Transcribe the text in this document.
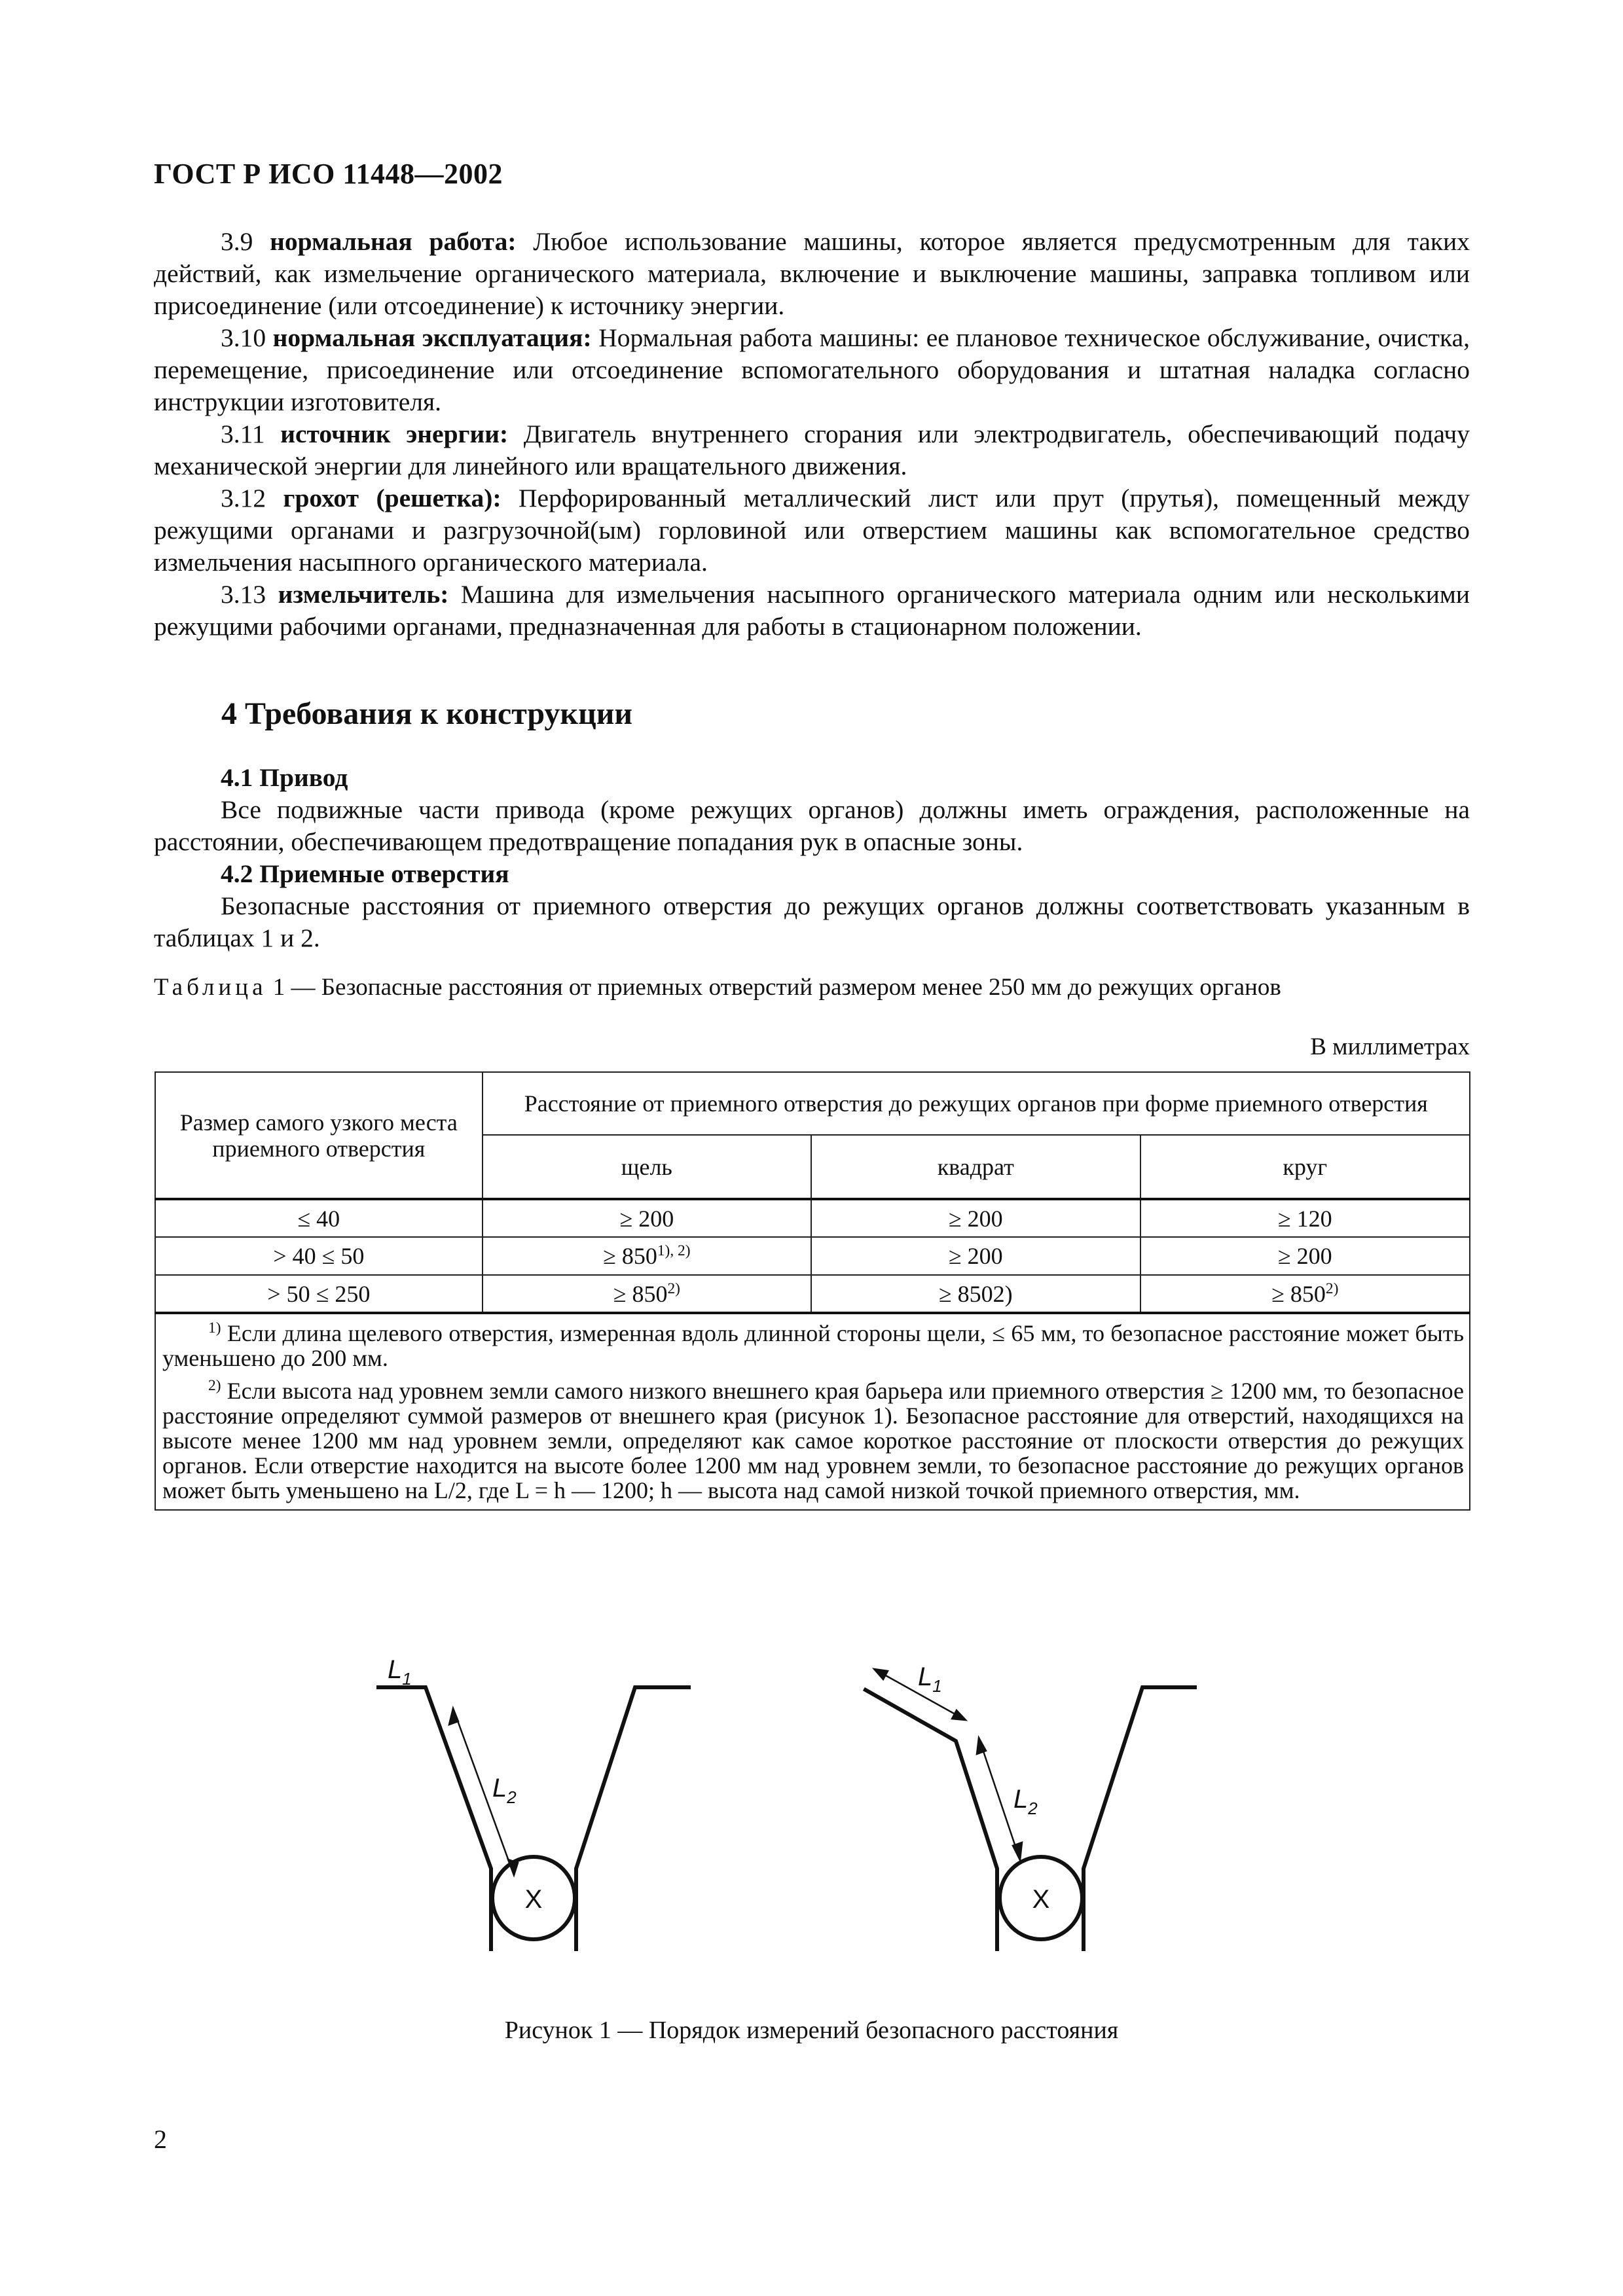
ГОСТ Р ИСО 11448—2002

3.9 нормальная работа: Любое использование машины, которое является предусмотренным для таких действий, как измельчение органического материала, включение и выключение машины, заправка топливом или присоединение (или отсоединение) к источнику энергии.

3.10 нормальная эксплуатация: Нормальная работа машины: ее плановое техническое обслуживание, очистка, перемещение, присоединение или отсоединение вспомогательного оборудования и штатная наладка согласно инструкции изготовителя.

3.11 источник энергии: Двигатель внутреннего сгорания или электродвигатель, обеспечивающий подачу механической энергии для линейного или вращательного движения.

3.12 грохот (решетка): Перфорированный металлический лист или прут (прутья), помещенный между режущими органами и разгрузочной(ым) горловиной или отверстием машины как вспомогательное средство измельчения насыпного органического материала.

3.13 измельчитель: Машина для измельчения насыпного органического материала одним или несколькими режущими рабочими органами, предназначенная для работы в стационарном положении.

4 Требования к конструкции

4.1 Привод

Все подвижные части привода (кроме режущих органов) должны иметь ограждения, расположенные на расстоянии, обеспечивающем предотвращение попадания рук в опасные зоны.

4.2 Приемные отверстия

Безопасные расстояния от приемного отверстия до режущих органов должны соответствовать указанным в таблицах 1 и 2.

Таблица 1 — Безопасные расстояния от приемных отверстий размером менее 250 мм до режущих органов
В миллиметрах
Размер самого узкого места приемного отверстия	Расстояние от приемного отверстия до режущих органов при форме приемного отверстия		
	щель	квадрат	круг
≤ 40	≥ 200	≥ 200	≥ 120
> 40 ≤ 50	≥ $850^{1), 2)}$	≥ 200	≥ 200
> 50 ≤ 250	≥ $850^{2)}$	≥ 8502)	≥ $850^{2)}$

$^{1)}$ Если длина щелевого отверстия, измеренная вдоль длинной стороны щели, ≤ 65 мм, то безопасное расстояние может быть уменьшено до 200 мм.

$^{2)}$ Если высота над уровнем земли самого низкого внешнего края барьера или приемного отверстия ≥ 1200 мм, то безопасное расстояние определяют суммой размеров от внешнего края (рисунок 1). Безопасное расстояние для отверстий, находящихся на высоте менее 1200 мм над уровнем земли, определяют как самое короткое расстояние от плоскости отверстия до режущих органов. Если отверстие находится на высоте более 1200 мм над уровнем земли, то безопасное расстояние до режущих органов может быть уменьшено на L/2, где L = h — 1200; h — высота над самой низкой точкой приемного отверстия, мм.			

$L_1$
$L_2$
$L_1$
$L_2$
X	X
Рисунок 1 — Порядок измерений безопасного расстояния
2
